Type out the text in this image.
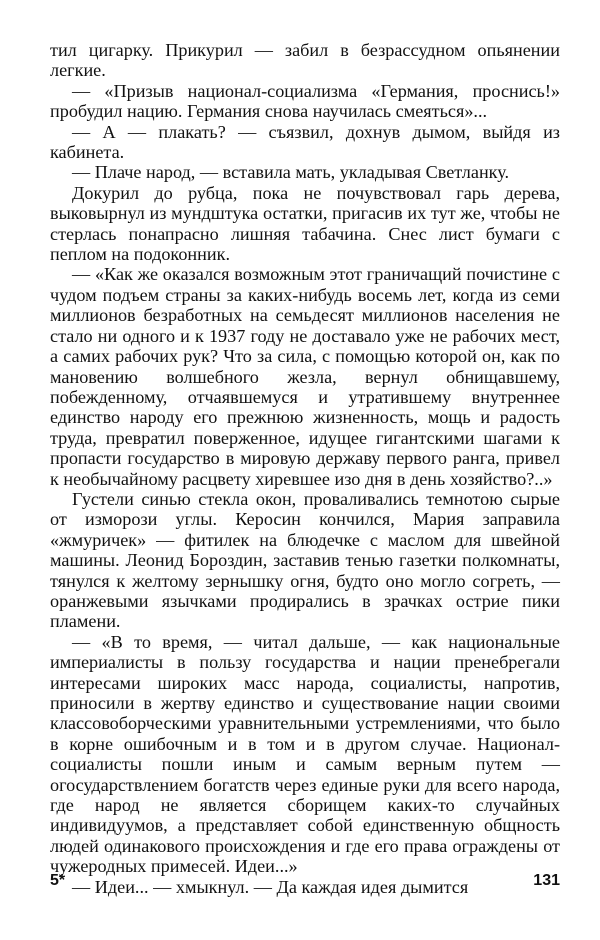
тил цигарку. Прикурил — забил в безрассудном опьянении легкие.

— «Призыв национал-социализма «Германия, проснись!» пробудил нацию. Германия снова научилась смеяться»...

— А — плакать? — съязвил, дохнув дымом, выйдя из кабинета.

— Плаче народ, — вставила мать, укладывая Светланку.

Докурил до рубца, пока не почувствовал гарь дерева, выковырнул из мундштука остатки, пригасив их тут же, чтобы не стерлась понапрасно лишняя табачина. Снес лист бумаги с пеплом на подоконник.

— «Как же оказался возможным этот граничащий почистине с чудом подъем страны за каких-нибудь восемь лет, когда из семи миллионов безработных на семьдесят миллионов населения не стало ни одного и к 1937 году не доставало уже не рабочих мест, а самих рабочих рук? Что за сила, с помощью которой он, как по мановению волшебного жезла, вернул обнищавшему, побежденному, отчаявшемуся и утратившему внутреннее единство народу его прежнюю жизненность, мощь и радость труда, превратил поверженное, идущее гигантскими шагами к пропасти государство в мировую державу первого ранга, привел к необычайному расцвету хиревшее изо дня в день хозяйство?..»

Густели синью стекла окон, проваливались темнотою сырые от изморози углы. Керосин кончился, Мария заправила «жмуричек» — фитилек на блюдечке с маслом для швейной машины. Леонид Бороздин, заставив тенью газетки полкомнаты, тянулся к желтому зернышку огня, будто оно могло согреть, — оранжевыми язычками продирались в зрачках острие пики пламени.

— «В то время, — читал дальше, — как национальные империалисты в пользу государства и нации пренебрегали интересами широких масс народа, социалисты, напротив, приносили в жертву единство и существование нации своими классовоборческими уравнительными устремлениями, что было в корне ошибочным и в том и в другом случае. Национал-социалисты пошли иным и самым верным путем — огосударствлением богатств через единые руки для всего народа, где народ не является сборищем каких-то случайных индивидуумов, а представляет собой единственную общность людей одинакового происхождения и где его права ограждены от чужеродных примесей. Идеи...»

— Идеи... — хмыкнул. — Да каждая идея дымится

5*	131
